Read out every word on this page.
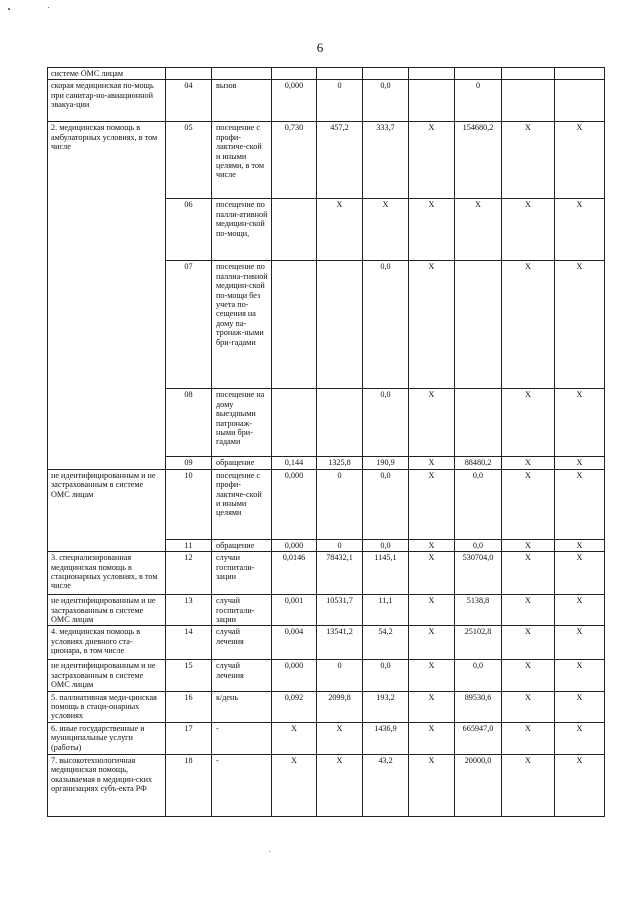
6
системе ОМС лицам									
скорая медицинская по-мощь при санитар-но-авиационной эвакуа-ции	04	вызов	0,000	0	0,0		0		
2. медицинская помощь в амбулаторных условиях, в том числе	05	посещение с профи-лактиче-ской и иными целями, в том числе	0,730	457,2	333,7	X	154680,2	X	X
	06	посещение по палли-ативной медицин-ской по-мощи,		X	X	X	X	X	X
	07	посещение по паллиа-тивной медицин-ской по-мощи без учета по-сещения на дому па-тронаж-ными бри-гадами			0,0	X		X	X
	08	посещение на дому выездными патронаж-ными бри-гадами			0,0	X		X	X
	09	обращение	0,144	1325,8	190,9	X	88480,2	X	X
не идентифицированным и не застрахованным в системе ОМС лицам	10	посещение с профи-лактиче-ской и иными целями	0,000	0	0,0	X	0,0	X	X
	11	обращение	0,000	0	0,0	X	0,0	X	X
3. специализированная медицинская помощь в стационарных условиях, в том числе	12	случаи госпитали-зации	0,0146	78432,1	1145,1	X	530704,0	X	X
не идентифицированным и не застрахованным в системе ОМС лицам	13	случай госпитали-зации	0,001	10531,7	11,1	X	5138,8	X	X
4. медицинская помощь в условиях дневного ста-ционара, в том числе	14	случай лечения	0,004	13541,2	54,2	X	25102,8	X	X
не идентифицированным и не застрахованным в системе ОМС лицам	15	случай лечения	0,000	0	0,0	X	0,0	X	X
5. паллиативная меди-цинская помощь в стаци-онарных условиях	16	к/день	0,092	2099,8	193,2	X	89530,6	X	X
6. иные государственные и муниципальные услуги (работы)	17	-	X	X	1436,9	X	665947,0	X	X
7. высокотехнологичная медицинская помощь, оказываемая в медицин-ских организациях субъ-екта РФ	18	-	X	X	43,2	X	20000,0	X	X
